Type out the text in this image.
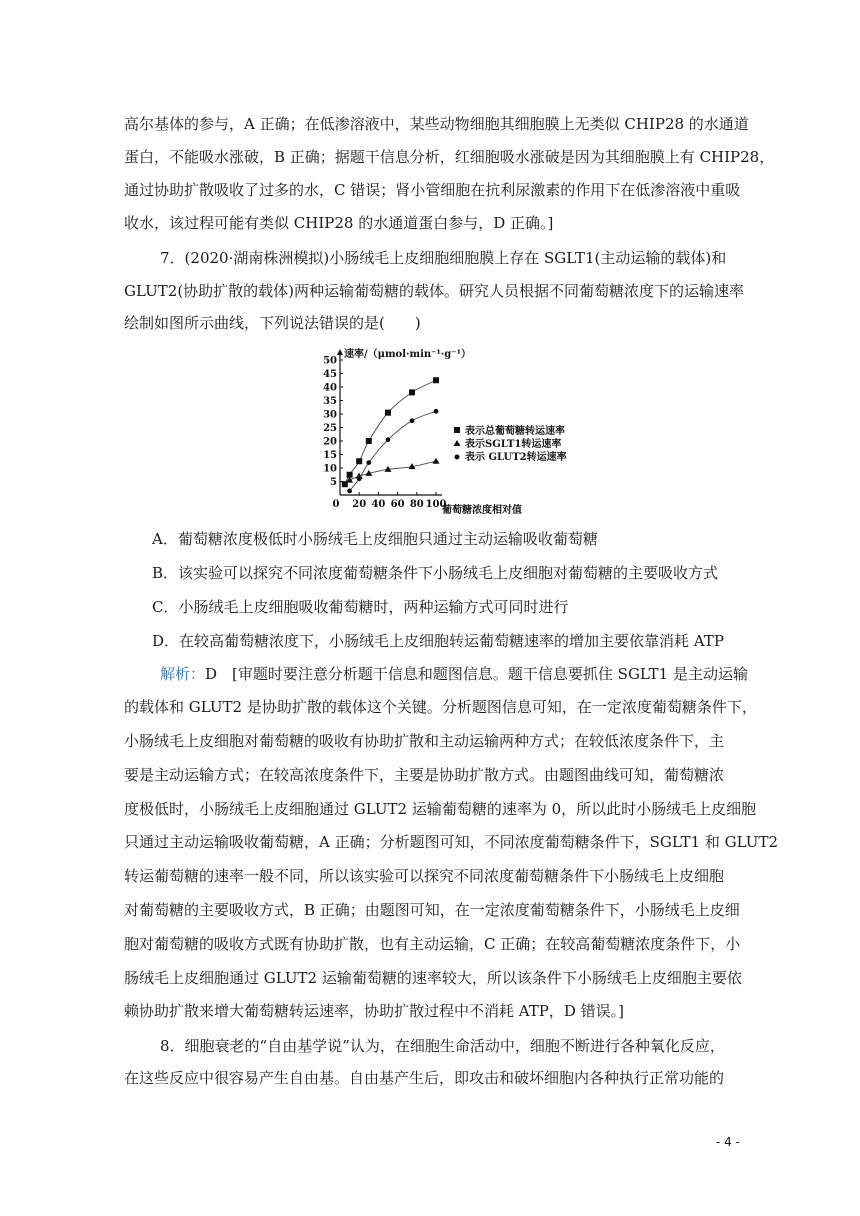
高尔基体的参与，A 正确；在低渗溶液中，某些动物细胞其细胞膜上无类似 CHIP28 的水通道
蛋白，不能吸水涨破，B 正确；据题干信息分析，红细胞吸水涨破是因为其细胞膜上有 CHIP28，
通过协助扩散吸收了过多的水，C 错误；肾小管细胞在抗利尿激素的作用下在低渗溶液中重吸
收水，该过程可能有类似 CHIP28 的水通道蛋白参与，D 正确。]
7．(2020·湖南株洲模拟)小肠绒毛上皮细胞细胞膜上存在 SGLT1(主动运输的载体)和
GLUT2(协助扩散的载体)两种运输葡萄糖的载体。研究人员根据不同葡萄糖浓度下的运输速率
绘制如图所示曲线，下列说法错误的是(　　)
5
10
15
20
25
30
35
40
45
50
0 20 40 60 80 100
速率/（μmol·min⁻¹·g⁻¹）
葡萄糖浓度相对值
表示总葡萄糖转运速率
表示SGLT1转运速率
表示 GLUT2转运速率
A．葡萄糖浓度极低时小肠绒毛上皮细胞只通过主动运输吸收葡萄糖
B．该实验可以探究不同浓度葡萄糖条件下小肠绒毛上皮细胞对葡萄糖的主要吸收方式
C．小肠绒毛上皮细胞吸收葡萄糖时，两种运输方式可同时进行
D．在较高葡萄糖浓度下，小肠绒毛上皮细胞转运葡萄糖速率的增加主要依靠消耗 ATP
解析：D　[审题时要注意分析题干信息和题图信息。题干信息要抓住 SGLT1 是主动运输
的载体和 GLUT2 是协助扩散的载体这个关键。分析题图信息可知，在一定浓度葡萄糖条件下，
小肠绒毛上皮细胞对葡萄糖的吸收有协助扩散和主动运输两种方式；在较低浓度条件下，主
要是主动运输方式；在较高浓度条件下，主要是协助扩散方式。由题图曲线可知，葡萄糖浓
度极低时，小肠绒毛上皮细胞通过 GLUT2 运输葡萄糖的速率为 0，所以此时小肠绒毛上皮细胞
只通过主动运输吸收葡萄糖，A 正确；分析题图可知，不同浓度葡萄糖条件下，SGLT1 和 GLUT2
转运葡萄糖的速率一般不同，所以该实验可以探究不同浓度葡萄糖条件下小肠绒毛上皮细胞
对葡萄糖的主要吸收方式，B 正确；由题图可知，在一定浓度葡萄糖条件下，小肠绒毛上皮细
胞对葡萄糖的吸收方式既有协助扩散，也有主动运输，C 正确；在较高葡萄糖浓度条件下，小
肠绒毛上皮细胞通过 GLUT2 运输葡萄糖的速率较大，所以该条件下小肠绒毛上皮细胞主要依
赖协助扩散来增大葡萄糖转运速率，协助扩散过程中不消耗 ATP，D 错误。]
8．细胞衰老的“自由基学说”认为，在细胞生命活动中，细胞不断进行各种氧化反应，
在这些反应中很容易产生自由基。自由基产生后，即攻击和破坏细胞内各种执行正常功能的
- 4 -
